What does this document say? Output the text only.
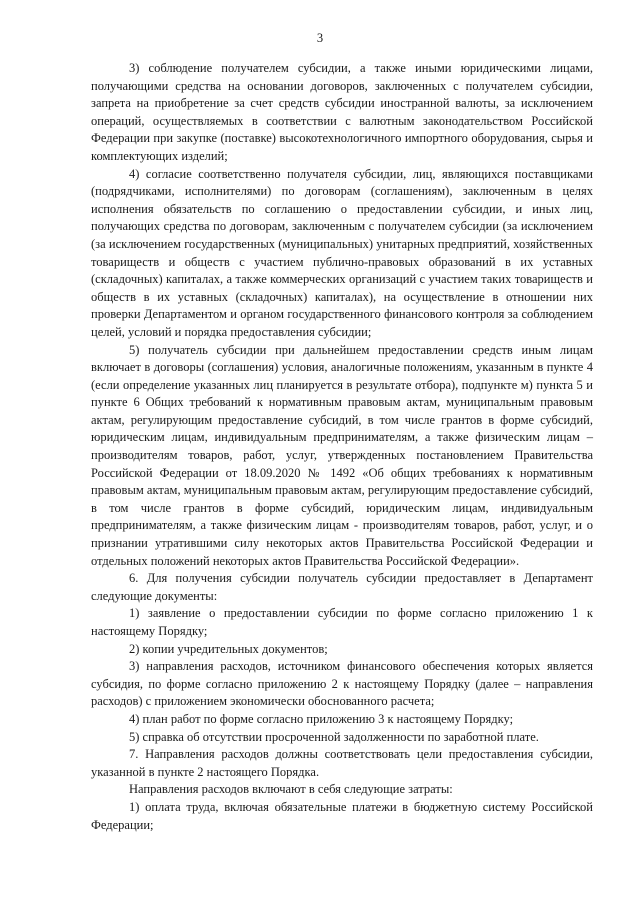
3

3) соблюдение получателем субсидии, а также иными юридическими лицами, получающими средства на основании договоров, заключенных с получателем субсидии, запрета на приобретение за счет средств субсидии иностранной валюты, за исключением операций, осуществляемых в соответствии с валютным законодательством Российской Федерации при закупке (поставке) высокотехнологичного импортного оборудования, сырья и комплектующих изделий;

4) согласие соответственно получателя субсидии, лиц, являющихся поставщиками (подрядчиками, исполнителями) по договорам (соглашениям), заключенным в целях исполнения обязательств по соглашению о предоставлении субсидии, и иных лиц, получающих средства по договорам, заключенным с получателем субсидии (за исключением (за исключением государственных (муниципальных) унитарных предприятий, хозяйственных товариществ и обществ с участием публично-правовых образований в их уставных (складочных) капиталах, а также коммерческих организаций с участием таких товариществ и обществ в их уставных (складочных) капиталах), на осуществление в отношении них проверки Департаментом и органом государственного финансового контроля за соблюдением целей, условий и порядка предоставления субсидии;

5) получатель субсидии при дальнейшем предоставлении средств иным лицам включает в договоры (соглашения) условия, аналогичные положениям, указанным в пункте 4 (если определение указанных лиц планируется в результате отбора), подпункте м) пункта 5 и пункте 6 Общих требований к нормативным правовым актам, муниципальным правовым актам, регулирующим предоставление субсидий, в том числе грантов в форме субсидий, юридическим лицам, индивидуальным предпринимателям, а также физическим лицам – производителям товаров, работ, услуг, утвержденных постановлением Правительства Российской Федерации от 18.09.2020 № 1492 «Об общих требованиях к нормативным правовым актам, муниципальным правовым актам, регулирующим предоставление субсидий, в том числе грантов в форме субсидий, юридическим лицам, индивидуальным предпринимателям, а также физическим лицам - производителям товаров, работ, услуг, и о признании утратившими силу некоторых актов Правительства Российской Федерации и отдельных положений некоторых актов Правительства Российской Федерации».

6. Для получения субсидии получатель субсидии предоставляет в Департамент следующие документы:

1) заявление о предоставлении субсидии по форме согласно приложению 1 к настоящему Порядку;

2) копии учредительных документов;

3) направления расходов, источником финансового обеспечения которых является субсидия, по форме согласно приложению 2 к настоящему Порядку (далее – направления расходов) с приложением экономически обоснованного расчета;

4) план работ по форме согласно приложению 3 к настоящему Порядку;

5) справка об отсутствии просроченной задолженности по заработной плате.

7. Направления расходов должны соответствовать цели предоставления субсидии, указанной в пункте 2 настоящего Порядка.

Направления расходов включают в себя следующие затраты:

1) оплата труда, включая обязательные платежи в бюджетную систему Российской Федерации;
